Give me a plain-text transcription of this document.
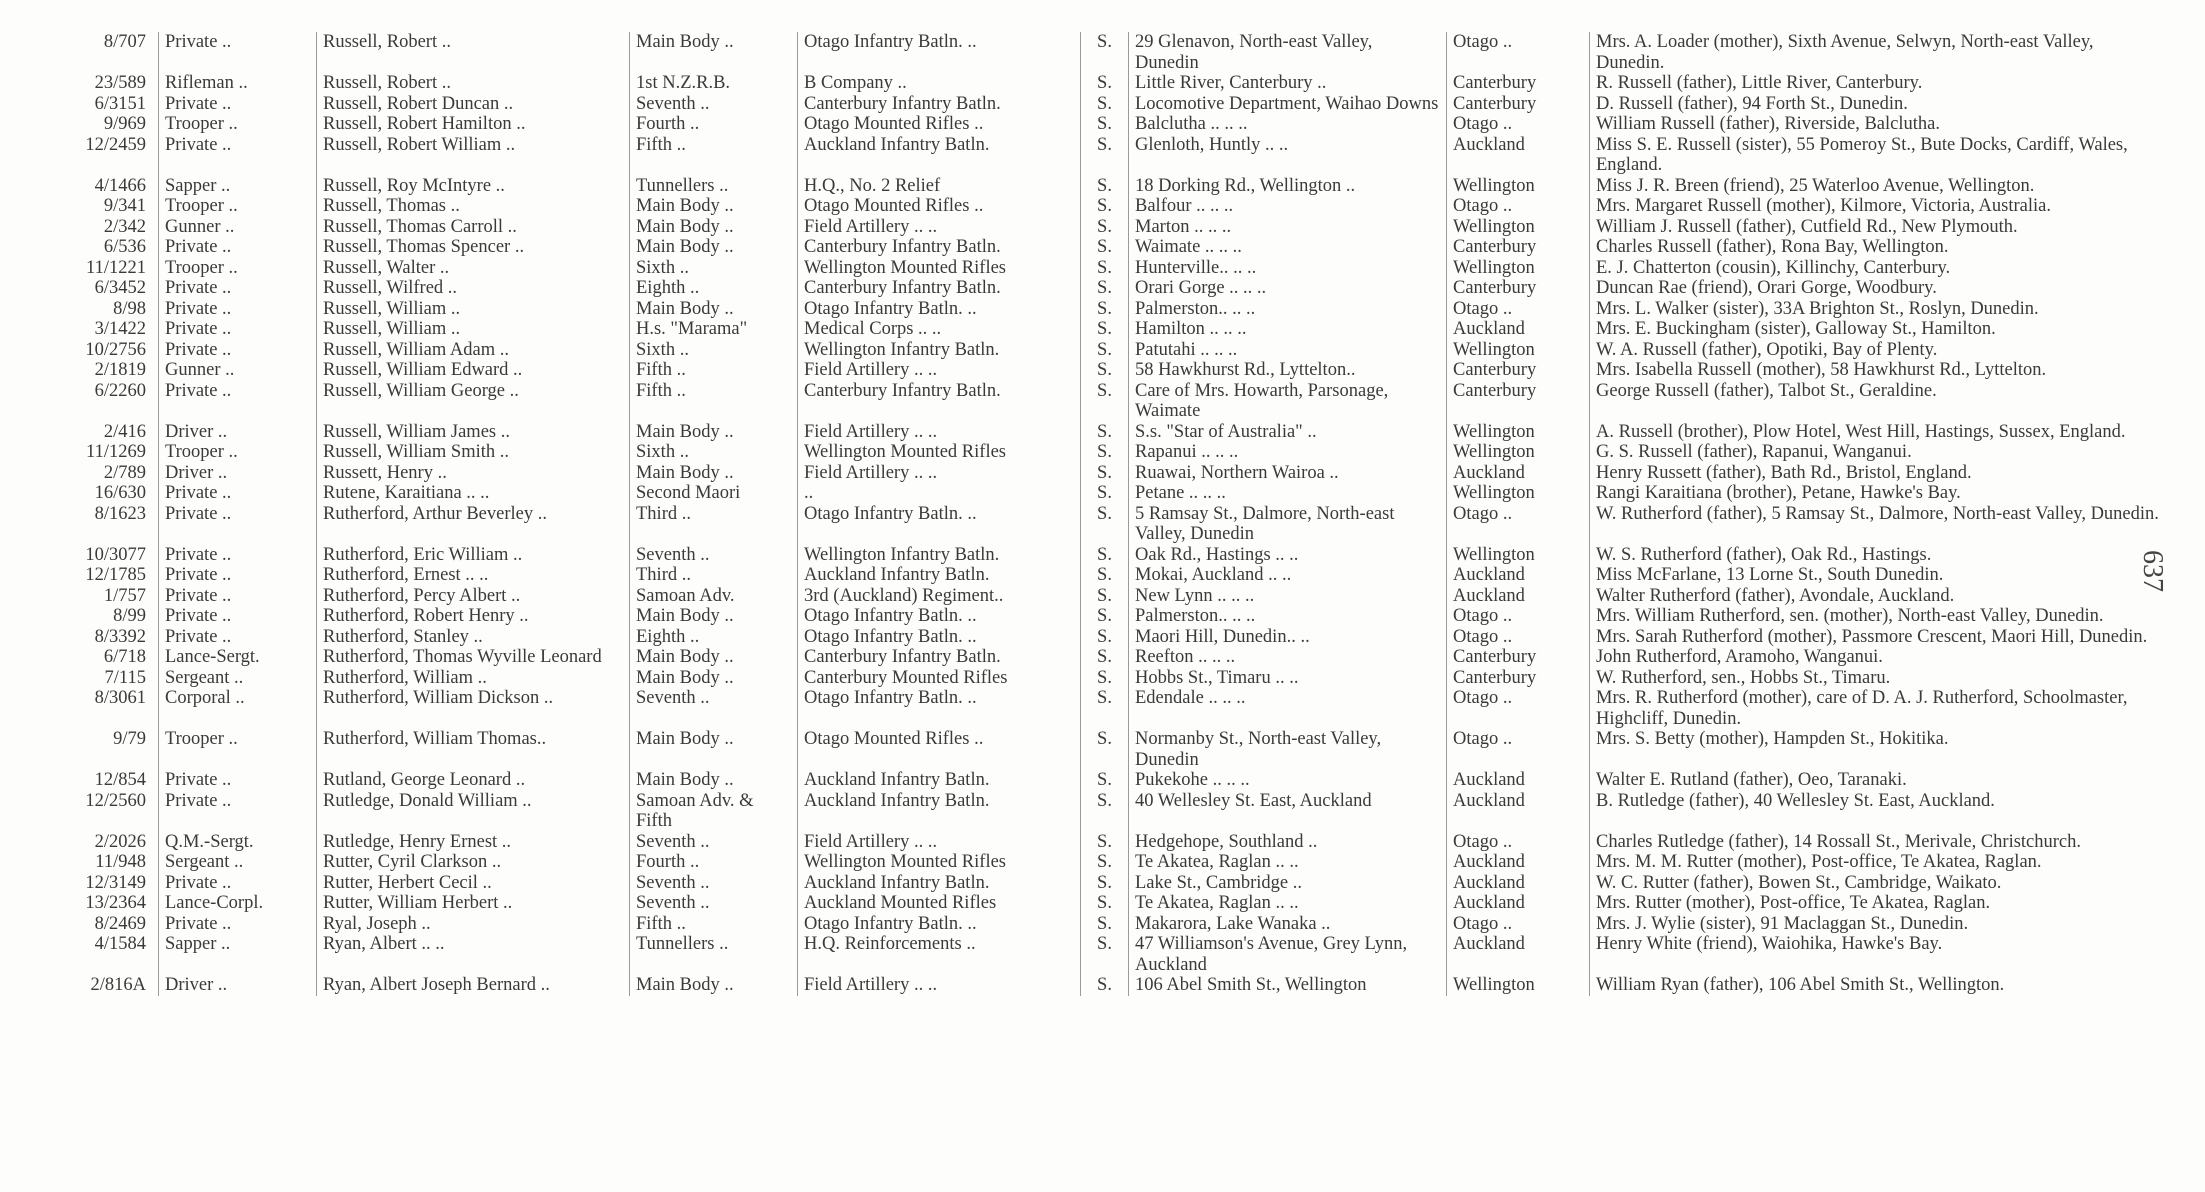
8/707	Private ..	Russell, Robert ..	Main Body ..	Otago Infantry Batln. ..	S.	29 Glenavon, North-east Valley, Dunedin	Otago ..	Mrs. A. Loader (mother), Sixth Avenue, Selwyn, North-east Valley, Dunedin.
23/589	Rifleman ..	Russell, Robert ..	1st N.Z.R.B.	B Company ..	S.	Little River, Canterbury ..	Canterbury	R. Russell (father), Little River, Canterbury.
6/3151	Private ..	Russell, Robert Duncan ..	Seventh ..	Canterbury Infantry Batln.	S.	Locomotive Department, Waihao Downs	Canterbury	D. Russell (father), 94 Forth St., Dunedin.
9/969	Trooper ..	Russell, Robert Hamilton ..	Fourth ..	Otago Mounted Rifles ..	S.	Balclutha .. .. ..	Otago ..	William Russell (father), Riverside, Balclutha.
12/2459	Private ..	Russell, Robert William ..	Fifth ..	Auckland Infantry Batln.	S.	Glenloth, Huntly .. ..	Auckland	Miss S. E. Russell (sister), 55 Pomeroy St., Bute Docks, Cardiff, Wales, England.
4/1466	Sapper ..	Russell, Roy McIntyre ..	Tunnellers ..	H.Q., No. 2 Relief	S.	18 Dorking Rd., Wellington ..	Wellington	Miss J. R. Breen (friend), 25 Waterloo Avenue, Wellington.
9/341	Trooper ..	Russell, Thomas ..	Main Body ..	Otago Mounted Rifles ..	S.	Balfour .. .. ..	Otago ..	Mrs. Margaret Russell (mother), Kilmore, Victoria, Australia.
2/342	Gunner ..	Russell, Thomas Carroll ..	Main Body ..	Field Artillery .. ..	S.	Marton .. .. ..	Wellington	William J. Russell (father), Cutfield Rd., New Plymouth.
6/536	Private ..	Russell, Thomas Spencer ..	Main Body ..	Canterbury Infantry Batln.	S.	Waimate .. .. ..	Canterbury	Charles Russell (father), Rona Bay, Wellington.
11/1221	Trooper ..	Russell, Walter ..	Sixth ..	Wellington Mounted Rifles	S.	Hunterville.. .. ..	Wellington	E. J. Chatterton (cousin), Killinchy, Canterbury.
6/3452	Private ..	Russell, Wilfred ..	Eighth ..	Canterbury Infantry Batln.	S.	Orari Gorge .. .. ..	Canterbury	Duncan Rae (friend), Orari Gorge, Woodbury.
8/98	Private ..	Russell, William ..	Main Body ..	Otago Infantry Batln. ..	S.	Palmerston.. .. ..	Otago ..	Mrs. L. Walker (sister), 33A Brighton St., Roslyn, Dunedin.
3/1422	Private ..	Russell, William ..	H.s. "Marama"	Medical Corps .. ..	S.	Hamilton .. .. ..	Auckland	Mrs. E. Buckingham (sister), Galloway St., Hamilton.
10/2756	Private ..	Russell, William Adam ..	Sixth ..	Wellington Infantry Batln.	S.	Patutahi .. .. ..	Wellington	W. A. Russell (father), Opotiki, Bay of Plenty.
2/1819	Gunner ..	Russell, William Edward ..	Fifth ..	Field Artillery .. ..	S.	58 Hawkhurst Rd., Lyttelton..	Canterbury	Mrs. Isabella Russell (mother), 58 Hawkhurst Rd., Lyttelton.
6/2260	Private ..	Russell, William George ..	Fifth ..	Canterbury Infantry Batln.	S.	Care of Mrs. Howarth, Parsonage, Waimate	Canterbury	George Russell (father), Talbot St., Geraldine.
2/416	Driver ..	Russell, William James ..	Main Body ..	Field Artillery .. ..	S.	S.s. "Star of Australia" ..	Wellington	A. Russell (brother), Plow Hotel, West Hill, Hastings, Sussex, England.
11/1269	Trooper ..	Russell, William Smith ..	Sixth ..	Wellington Mounted Rifles	S.	Rapanui .. .. ..	Wellington	G. S. Russell (father), Rapanui, Wanganui.
2/789	Driver ..	Russett, Henry ..	Main Body ..	Field Artillery .. ..	S.	Ruawai, Northern Wairoa ..	Auckland	Henry Russett (father), Bath Rd., Bristol, England.
16/630	Private ..	Rutene, Karaitiana .. ..	Second Maori	..	S.	Petane .. .. ..	Wellington	Rangi Karaitiana (brother), Petane, Hawke's Bay.
8/1623	Private ..	Rutherford, Arthur Beverley ..	Third ..	Otago Infantry Batln. ..	S.	5 Ramsay St., Dalmore, North-east Valley, Dunedin	Otago ..	W. Rutherford (father), 5 Ramsay St., Dalmore, North-east Valley, Dunedin.
10/3077	Private ..	Rutherford, Eric William ..	Seventh ..	Wellington Infantry Batln.	S.	Oak Rd., Hastings .. ..	Wellington	W. S. Rutherford (father), Oak Rd., Hastings.
12/1785	Private ..	Rutherford, Ernest .. ..	Third ..	Auckland Infantry Batln.	S.	Mokai, Auckland .. ..	Auckland	Miss McFarlane, 13 Lorne St., South Dunedin.
1/757	Private ..	Rutherford, Percy Albert ..	Samoan Adv.	3rd (Auckland) Regiment..	S.	New Lynn .. .. ..	Auckland	Walter Rutherford (father), Avondale, Auckland.
8/99	Private ..	Rutherford, Robert Henry ..	Main Body ..	Otago Infantry Batln. ..	S.	Palmerston.. .. ..	Otago ..	Mrs. William Rutherford, sen. (mother), North-east Valley, Dunedin.
8/3392	Private ..	Rutherford, Stanley ..	Eighth ..	Otago Infantry Batln. ..	S.	Maori Hill, Dunedin.. ..	Otago ..	Mrs. Sarah Rutherford (mother), Passmore Crescent, Maori Hill, Dunedin.
6/718	Lance-Sergt.	Rutherford, Thomas Wyville Leonard	Main Body ..	Canterbury Infantry Batln.	S.	Reefton .. .. ..	Canterbury	John Rutherford, Aramoho, Wanganui.
7/115	Sergeant ..	Rutherford, William ..	Main Body ..	Canterbury Mounted Rifles	S.	Hobbs St., Timaru .. ..	Canterbury	W. Rutherford, sen., Hobbs St., Timaru.
8/3061	Corporal ..	Rutherford, William Dickson ..	Seventh ..	Otago Infantry Batln. ..	S.	Edendale .. .. ..	Otago ..	Mrs. R. Rutherford (mother), care of D. A. J. Rutherford, Schoolmaster, Highcliff, Dunedin.
9/79	Trooper ..	Rutherford, William Thomas..	Main Body ..	Otago Mounted Rifles ..	S.	Normanby St., North-east Valley, Dunedin	Otago ..	Mrs. S. Betty (mother), Hampden St., Hokitika.
12/854	Private ..	Rutland, George Leonard ..	Main Body ..	Auckland Infantry Batln.	S.	Pukekohe .. .. ..	Auckland	Walter E. Rutland (father), Oeo, Taranaki.
12/2560	Private ..	Rutledge, Donald William ..	Samoan Adv. & Fifth	Auckland Infantry Batln.	S.	40 Wellesley St. East, Auckland	Auckland	B. Rutledge (father), 40 Wellesley St. East, Auckland.
2/2026	Q.M.-Sergt.	Rutledge, Henry Ernest ..	Seventh ..	Field Artillery .. ..	S.	Hedgehope, Southland ..	Otago ..	Charles Rutledge (father), 14 Rossall St., Merivale, Christchurch.
11/948	Sergeant ..	Rutter, Cyril Clarkson ..	Fourth ..	Wellington Mounted Rifles	S.	Te Akatea, Raglan .. ..	Auckland	Mrs. M. M. Rutter (mother), Post-office, Te Akatea, Raglan.
12/3149	Private ..	Rutter, Herbert Cecil ..	Seventh ..	Auckland Infantry Batln.	S.	Lake St., Cambridge ..	Auckland	W. C. Rutter (father), Bowen St., Cambridge, Waikato.
13/2364	Lance-Corpl.	Rutter, William Herbert ..	Seventh ..	Auckland Mounted Rifles	S.	Te Akatea, Raglan .. ..	Auckland	Mrs. Rutter (mother), Post-office, Te Akatea, Raglan.
8/2469	Private ..	Ryal, Joseph ..	Fifth ..	Otago Infantry Batln. ..	S.	Makarora, Lake Wanaka ..	Otago ..	Mrs. J. Wylie (sister), 91 Maclaggan St., Dunedin.
4/1584	Sapper ..	Ryan, Albert .. ..	Tunnellers ..	H.Q. Reinforcements ..	S.	47 Williamson's Avenue, Grey Lynn, Auckland	Auckland	Henry White (friend), Waiohika, Hawke's Bay.
2/816A	Driver ..	Ryan, Albert Joseph Bernard ..	Main Body ..	Field Artillery .. ..	S.	106 Abel Smith St., Wellington	Wellington	William Ryan (father), 106 Abel Smith St., Wellington.
637
